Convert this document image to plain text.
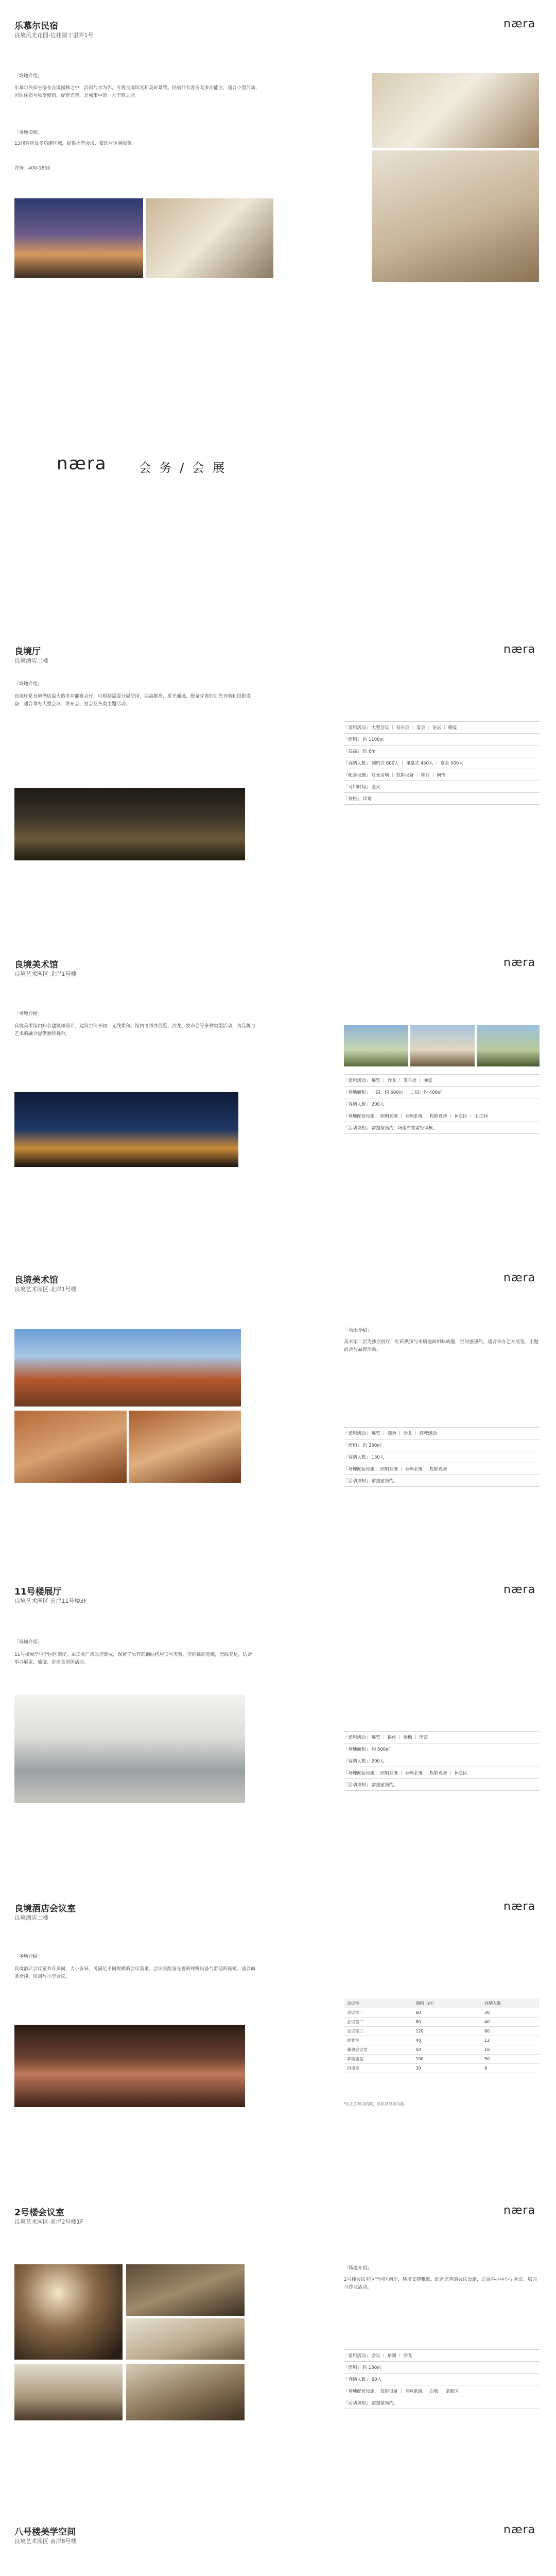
乐慕尔民宿
良境风光花园·位桂园丁里弄1号
nærа
「场地介绍」
乐慕尔民宿坐落在良境园林之中，沿街与水为邻，可观良境风光和美好景致。民宿共有客房及多功能区，适合小型活动、团队住宿与私享度假，配套完善，是城市中的一方宁静之所。
「场地面积」
13间客房及多功能区域，提供小型会议、餐饮与休闲服务。
咨询 · 400-1800
nærа	会 务 / 会 展
良境厅
良境酒店二楼
nærа
「场地介绍」
良境厅是良境酒店最大的多功能宴会厅，可根据需要分隔使用，层高挑高，采光通透，配备完善的灯光音响和投影设备，适合举办大型会议、发布会、宴会及各类主题活动。
「适用活动」 大型会议 ｜ 发布会 ｜ 宴会 ｜ 论坛 ｜ 晚宴
「面积」 约 1100㎡
「层高」 约 6m
「容纳人数」 剧院式 800人 ｜ 课桌式 450人 ｜ 宴会 500人
「配套设施」 灯光音响 ｜ 投影设备 ｜ 舞台 ｜ 同传
「可用时间」 全天
「价格」 详询
良境美术馆
良境艺术园区·北岸1号楼
nærа
「场地介绍」
良境美术馆由知名建筑师设计，建筑空间开阔，光线柔和。馆内可举办展览、沙龙、发布会等多种类型活动，为品牌与艺术的融合提供独特舞台。
「适用活动」 展览 ｜ 沙龙 ｜ 发布会 ｜ 晚宴
「场地面积」 一层：约 600㎡ ｜ 二层：约 400㎡
「容纳人数」 200人
「场地配套设施」 照明系统 ｜ 音响系统 ｜ 投影设备 ｜ 休息区 ｜ 卫生间
「活动须知」 需提前预约，场地布置需经审核。
良境美术馆
良境艺术园区·北岸1号楼
nærа
「场地介绍」
美术馆二层为独立展厅，红砖拱顶与木质地面相映成趣，空间感强烈，适合举办艺术展览、主题酒会与品牌活动。
「适用活动」 展览 ｜ 酒会 ｜ 沙龙 ｜ 品牌活动
「面积」 约 350㎡
「容纳人数」 150人
「场地配套设施」 照明系统 ｜ 音响系统 ｜ 投影设备
「活动须知」 请提前预约。
11号楼展厅
良境艺术园区·南岸11号楼3F
nærа
「场地介绍」
11号楼展厅位于园区南岸，由工业厂房改造而成，保留了原有的钢结构屋顶与天窗，空间挑高宽敞，光线充足，适合举办展览、瑜伽、讲座及团体活动。
「适用活动」 展览 ｜ 讲座 ｜ 瑜伽 ｜ 团建
「场地面积」 约 500㎡
「容纳人数」 200人
「场地配套设施」 照明系统 ｜ 音响系统 ｜ 投影设备 ｜ 休息区
「活动须知」 需提前预约。
良境酒店会议室
良境酒店二楼
nærа
「场地介绍」
良境酒店会议室共有多间，大小各异，可满足不同规模的会议需求。会议室配备完善的视听设备与舒适的座椅，适合商务洽谈、培训与小型会议。
会议室	面积（㎡）	容纳人数
会议室一	60	30
会议室二	80	40
会议室三	120	60
贵宾室	40	12
董事会议室	50	16
多功能室	100	50
洽谈室	30	8
*以上面积为约数，具体以现场为准。
2号楼会议室
良境艺术园区·南岸2号楼1F
nærа
「场地介绍」
2号楼会议室位于园区南岸，环境安静雅致，配备完善的会议设施，适合举办中小型会议、培训与沙龙活动。
「适用活动」 会议 ｜ 培训 ｜ 沙龙
「面积」 约 150㎡
「容纳人数」 60人
「场地配套设施」 投影设备 ｜ 音响系统 ｜ 白板 ｜ 茶歇区
「活动须知」 需提前预约。
八号楼美学空间
良境艺术园区·南岸8号楼
nærа
